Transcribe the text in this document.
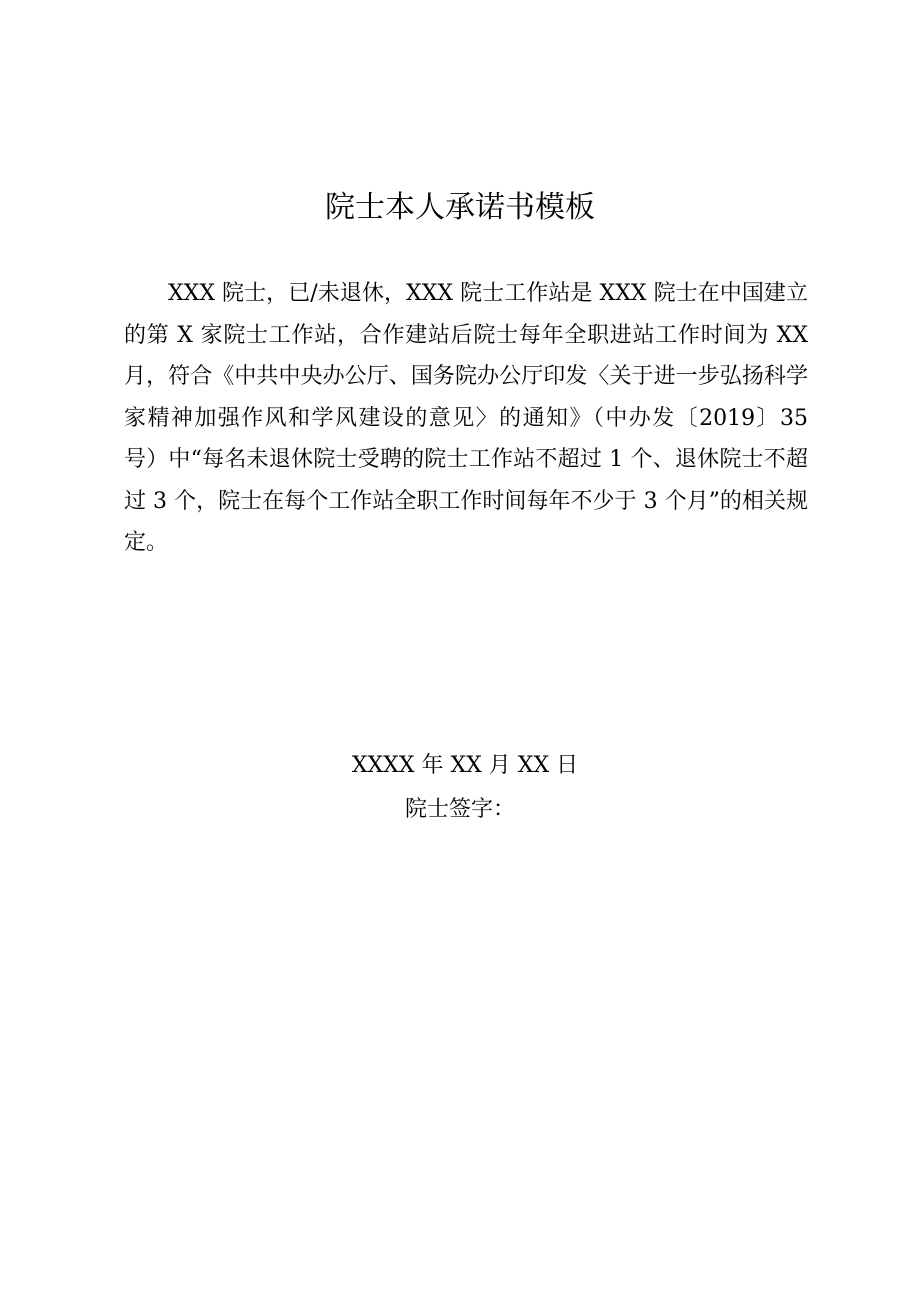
院士本人承诺书模板

XXX 院士，已/未退休，XXX 院士工作站是 XXX 院士在中国建立的第 X 家院士工作站，合作建站后院士每年全职进站工作时间为 XX 月，符合《中共中央办公厅、国务院办公厅印发〈关于进一步弘扬科学家精神加强作风和学风建设的意见〉的通知》（中办发〔2019〕35 号）中“每名未退休院士受聘的院士工作站不超过 1 个、退休院士不超过 3 个，院士在每个工作站全职工作时间每年不少于 3 个月”的相关规定。

XXXX 年 XX 月 XX 日
院士签字：
